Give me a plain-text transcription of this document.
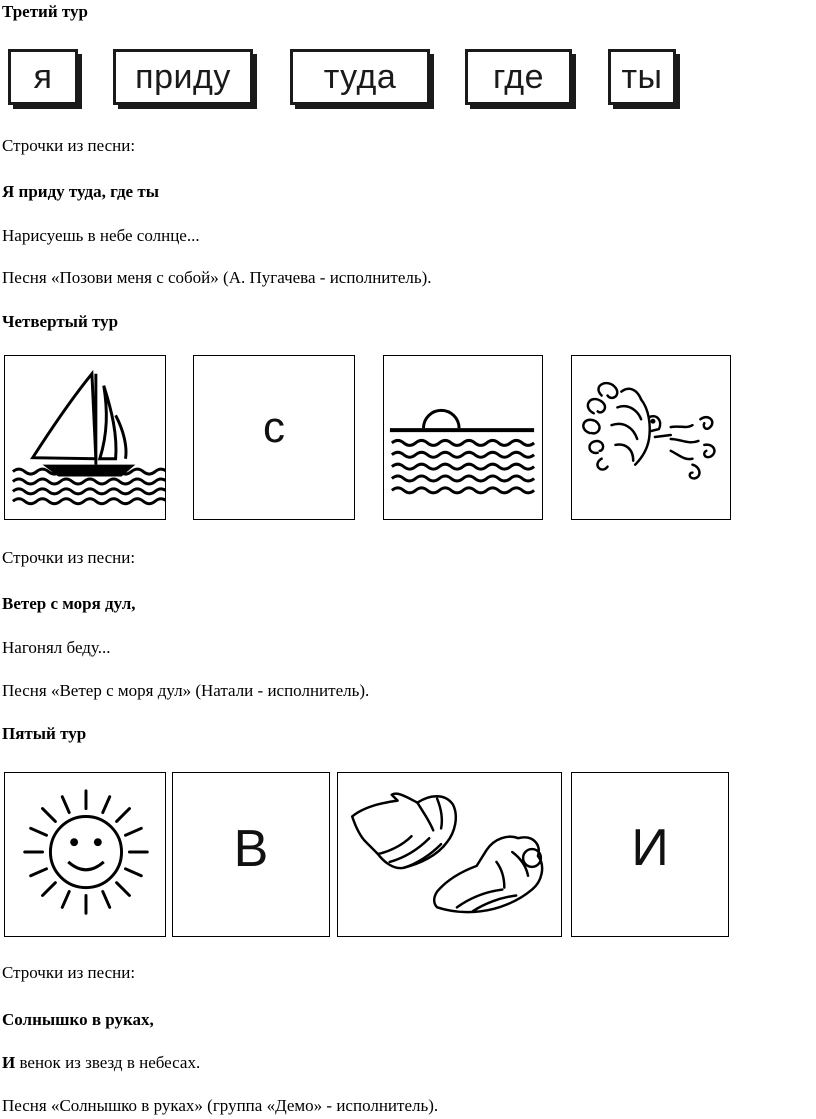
Третий тур
я	приду	туда	где	ты
Строчки из песни:
Я приду туда, где ты
Нарисуешь в небе солнце...
Песня «Позови меня с собой» (А. Пугачева - исполнитель).
Четвертый тур
с
Строчки из песни:
Ветер с моря дул,
Нагонял беду...
Песня «Ветер с моря дул» (Натали - исполнитель).
Пятый тур
В	И
Строчки из песни:
Солнышко в руках,
И венок из звезд в небесах.
Песня «Солнышко в руках» (группа «Демо» - исполнитель).
